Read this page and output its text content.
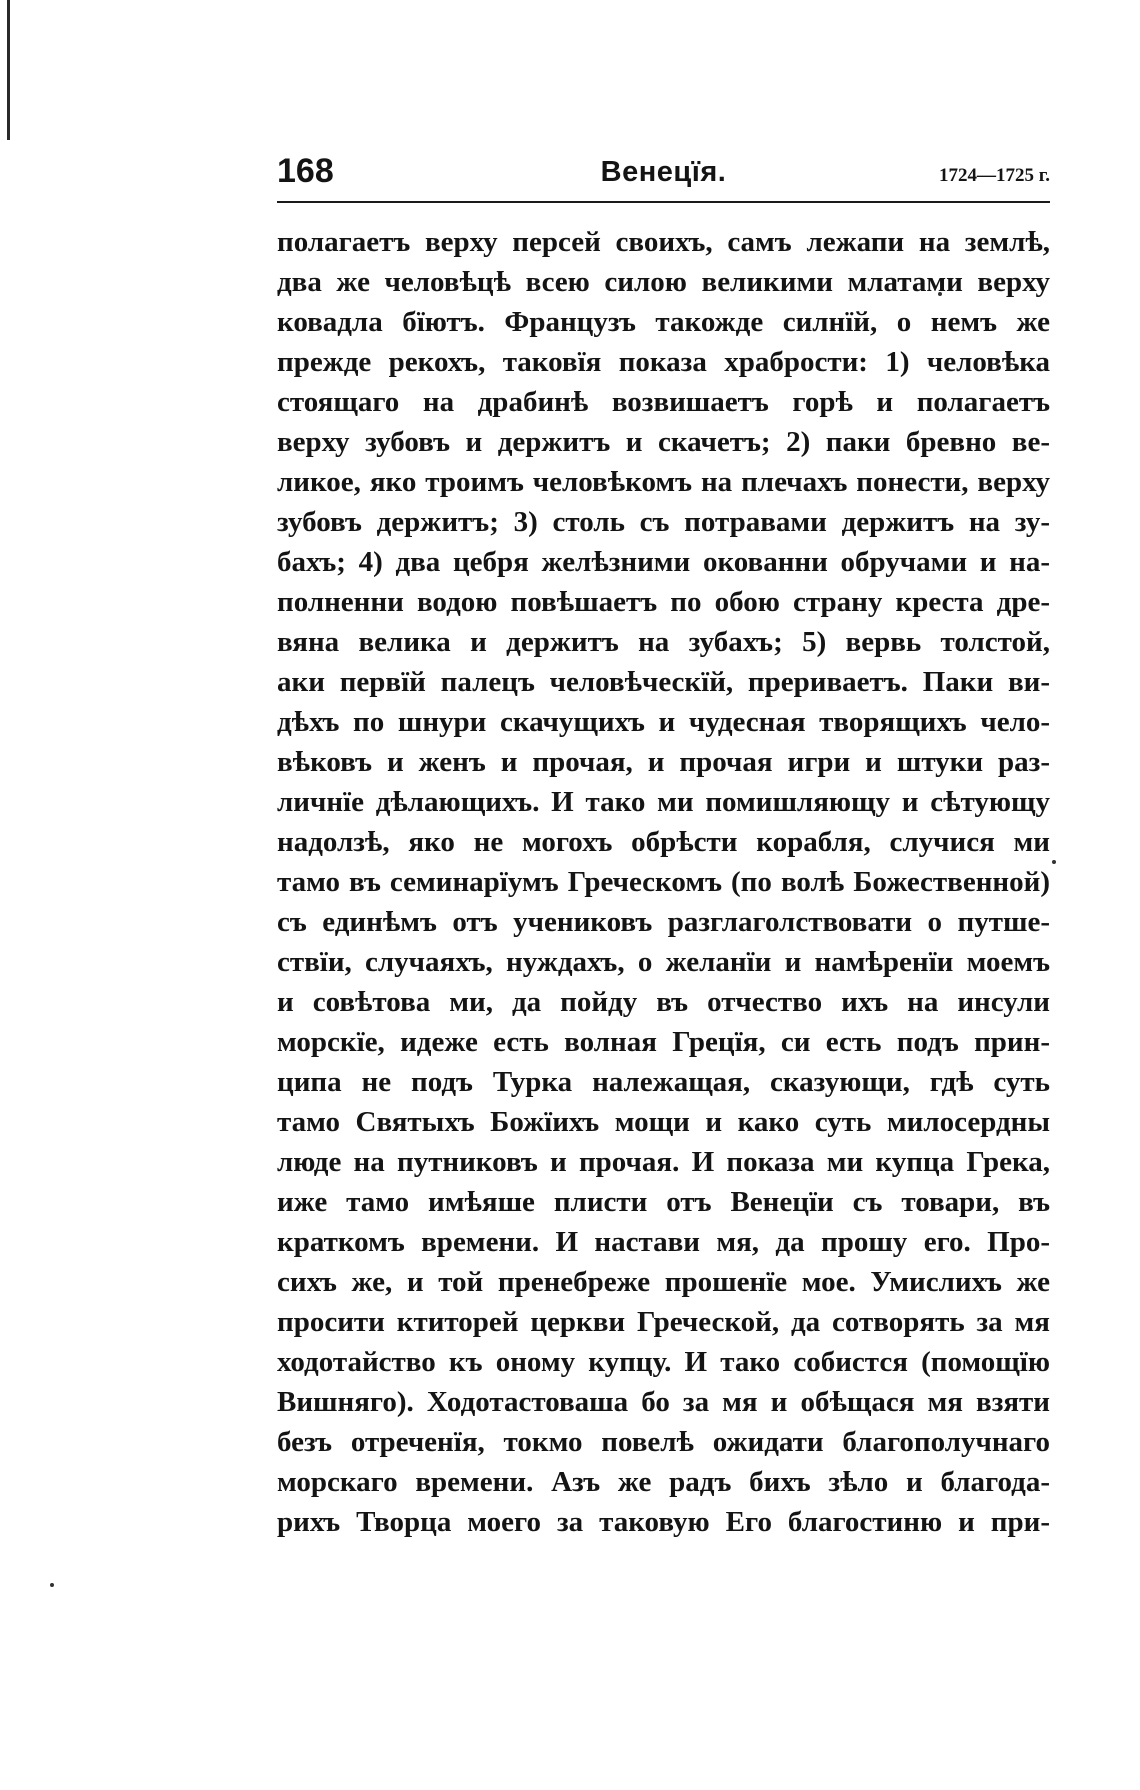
168	Венецїя.	1724—1725 г.
полагаетъ верху персей своихъ, самъ лежапи на землѣ,
два же человѣцѣ всею силою великими млатами верху
ковадла бїютъ. Французъ такожде силнїй, о немъ же
прежде рекохъ, таковїя показа храбрости: 1) человѣка
стоящаго на драбинѣ возвишаетъ горѣ и полагаетъ
верху зубовъ и держитъ и скачетъ; 2) паки бревно ве-
ликое, яко троимъ человѣкомъ на плечахъ понести, верху
зубовъ держитъ; 3) столь съ потравами держитъ на зу-
бахъ; 4) два цебря желѣзними окованни обручами и на-
полненни водою повѣшаетъ по обою страну креста дре-
вяна велика и держитъ на зубахъ; 5) вервь толстой,
аки первїй палецъ человѣческїй, прериваетъ. Паки ви-
дѣхъ по шнури скачущихъ и чудесная творящихъ чело-
вѣковъ и женъ и прочая, и прочая игри и штуки раз-
личнїе дѣлающихъ. И тако ми помишляющу и сѣтующу
надолзѣ, яко не могохъ обрѣсти корабля, случися ми
тамо въ семинарїумъ Греческомъ (по волѣ Божественной)
съ единѣмъ отъ учениковъ разглаголствовати о путше-
ствїи, случаяхъ, нуждахъ, о желанїи и намѣренїи моемъ
и совѣтова ми, да пойду въ отчество ихъ на инсули
морскїе, идеже есть волная Грецїя, си есть подъ прин-
ципа не подъ Турка належащая, сказующи, гдѣ суть
тамо Святыхъ Божїихъ мощи и како суть милосердны
люде на путниковъ и прочая. И показа ми купца Грека,
иже тамо имѣяше плисти отъ Венецїи съ товари, въ
краткомъ времени. И настави мя, да прошу его. Про-
сихъ же, и той пренебреже прошенїе мое. Умислихъ же
просити ктиторей церкви Греческой, да сотворять за мя
ходотайство къ оному купцу. И тако собистся (помощїю
Вишняго). Ходотастоваша бо за мя и обѣщася мя взяти
безъ отреченїя, токмо повелѣ ожидати благополучнаго
морскаго времени. Азъ же радъ бихъ зѣло и благода-
рихъ Творца моего за таковую Его благостиню и при-
